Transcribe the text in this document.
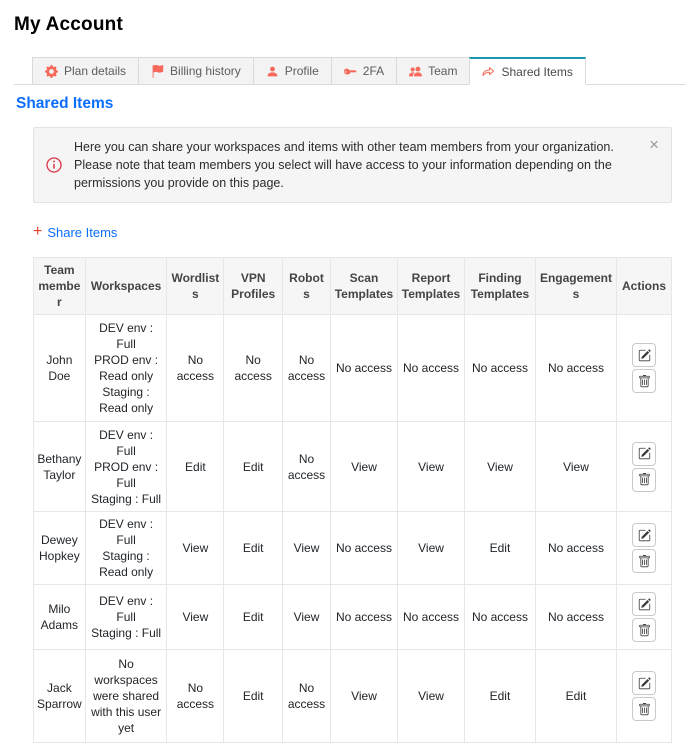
My Account
Plan details	Billing history	Profile	2FA	Team	Shared Items
Shared Items
Here you can share your workspaces and items with other team members from your organization.
Please note that team members you select will have access to your information depending on the permissions you provide on this page.
×
+ Share Items
Team member	Workspaces	Wordlists	VPN Profiles	Robots	Scan Templates	Report Templates	Finding Templates	Engagements	Actions
John Doe	DEV env : Full
PROD env : Read only
Staging : Read only	No access	No access	No access	No access	No access	No access	No access	

Bethany Taylor	DEV env : Full
PROD env : Full
Staging : Full	Edit	Edit	No access	View	View	View	View	

Dewey Hopkey	DEV env : Full
Staging : Read only	View	Edit	View	No access	View	Edit	No access	

Milo Adams	DEV env : Full
Staging : Full	View	Edit	View	No access	No access	No access	No access	

Jack Sparrow	No workspaces were shared with this user yet	No access	Edit	No access	View	View	Edit	Edit	
